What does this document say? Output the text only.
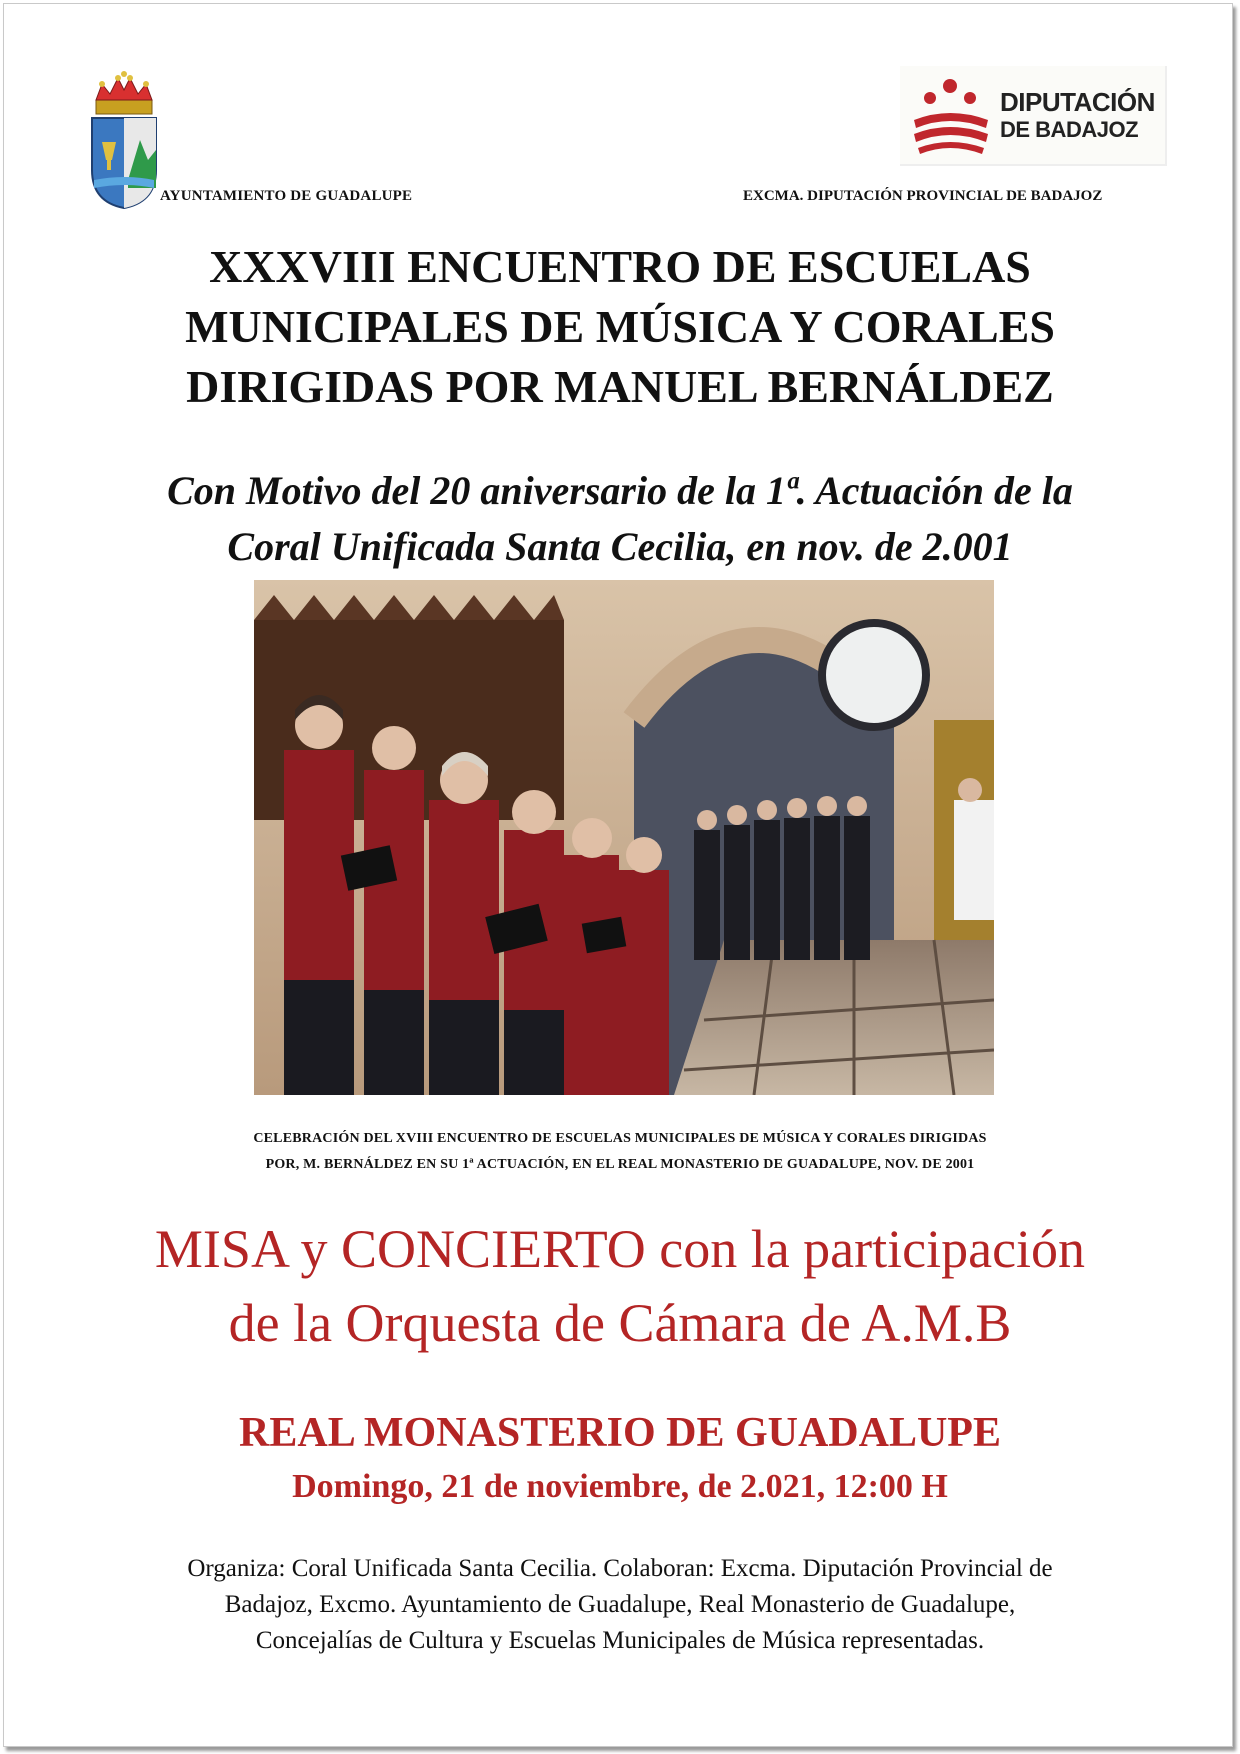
AYUNTAMIENTO DE GUADALUPE
DIPUTACIÓN
DE BADAJOZ
EXCMA. DIPUTACIÓN PROVINCIAL DE BADAJOZ
XXXVIII ENCUENTRO DE ESCUELAS
MUNICIPALES DE MÚSICA Y CORALES
DIRIGIDAS POR MANUEL BERNÁLDEZ
Con Motivo del 20 aniversario de la 1ª. Actuación de la
Coral Unificada Santa Cecilia, en nov. de 2.001
CELEBRACIÓN DEL XVIII ENCUENTRO DE ESCUELAS MUNICIPALES DE MÚSICA Y CORALES DIRIGIDAS
POR, M. BERNÁLDEZ EN SU 1ª ACTUACIÓN, EN EL REAL MONASTERIO DE GUADALUPE, NOV. DE 2001
MISA y CONCIERTO con la participación
de la Orquesta de Cámara de A.M.B
REAL MONASTERIO DE GUADALUPE
Domingo, 21 de noviembre, de 2.021, 12:00 H
Organiza: Coral Unificada Santa Cecilia. Colaboran: Excma. Diputación Provincial de
Badajoz, Excmo. Ayuntamiento de Guadalupe, Real Monasterio de Guadalupe,
Concejalías de Cultura y Escuelas Municipales de Música representadas.
